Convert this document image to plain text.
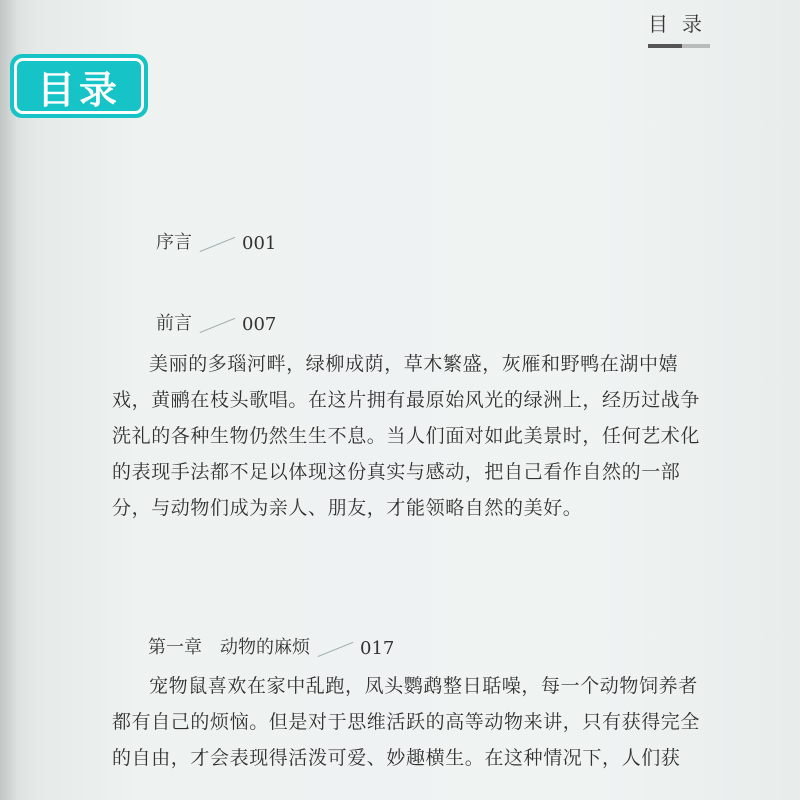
目录
目录
序言	001
前言	007

美丽的多瑙河畔，绿柳成荫，草木繁盛，灰雁和野鸭在湖中嬉戏，黄鹂在枝头歌唱。在这片拥有最原始风光的绿洲上，经历过战争洗礼的各种生物仍然生生不息。当人们面对如此美景时，任何艺术化的表现手法都不足以体现这份真实与感动，把自己看作自然的一部分，与动物们成为亲人、朋友，才能领略自然的美好。

第一章　动物的麻烦	017

宠物鼠喜欢在家中乱跑，凤头鹦鹉整日聒噪，每一个动物饲养者都有自己的烦恼。但是对于思维活跃的高等动物来讲，只有获得完全的自由，才会表现得活泼可爱、妙趣横生。在这种情况下，人们获
